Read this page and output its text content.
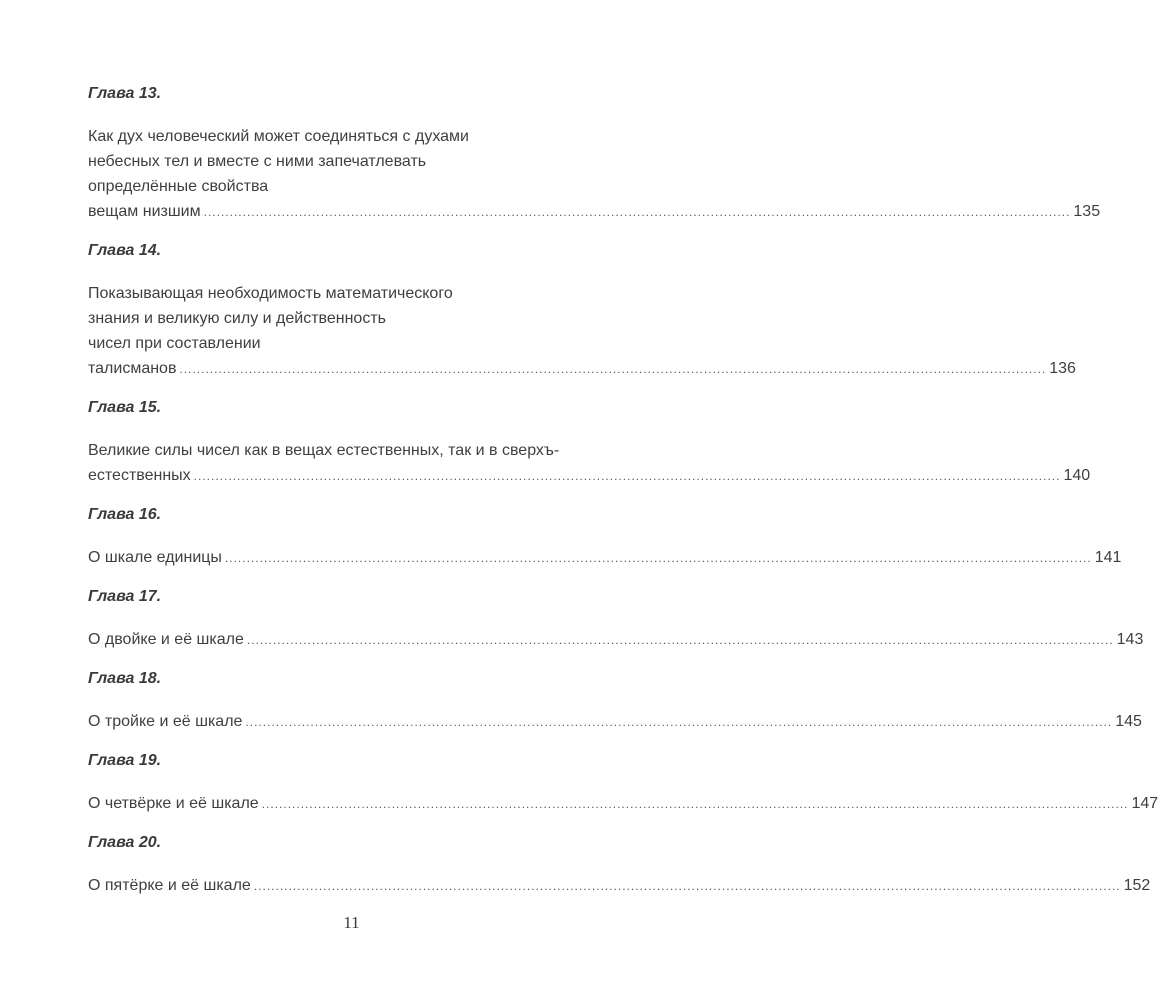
Глава 13.
Как дух человеческий может соединяться с духами
небесных тел и вместе с ними запечатлевать
определённые свойства
вещам низшим ........................................................................................................................................................................................................ 135
Глава 14.
Показывающая необходимость математического
знания и великую силу и действенность
чисел при составлении
талисманов ........................................................................................................................................................................................................ 136
Глава 15.
Великие силы чисел как в вещах естественных, так и в сверхъ-
естественных ........................................................................................................................................................................................................ 140
Глава 16.
О шкале единицы ........................................................................................................................................................................................................ 141
Глава 17.
О двойке и её шкале ........................................................................................................................................................................................................ 143
Глава 18.
О тройке и её шкале ........................................................................................................................................................................................................ 145
Глава 19.
О четвёрке и её шкале ........................................................................................................................................................................................................ 147
Глава 20.
О пятёрке и её шкале ........................................................................................................................................................................................................ 152
11
